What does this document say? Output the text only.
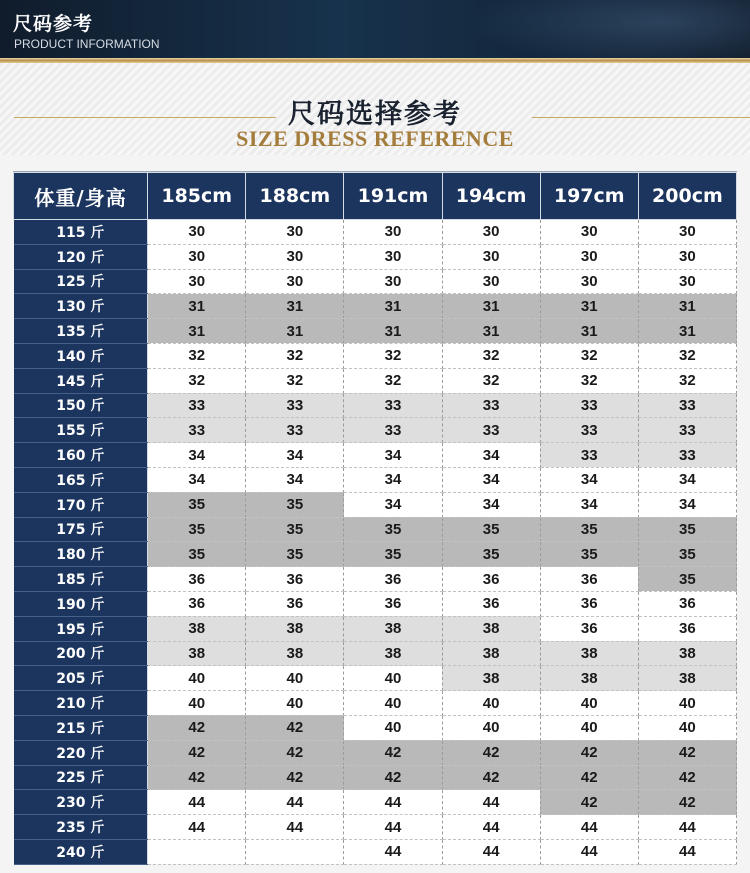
尺码参考
PRODUCT INFORMATION
尺码选择参考
SIZE DRESS REFERENCE
体重/身高	185cm	188cm	191cm	194cm	197cm	200cm
115 斤	30	30	30	30	30	30
120 斤	30	30	30	30	30	30
125 斤	30	30	30	30	30	30
130 斤	31	31	31	31	31	31
135 斤	31	31	31	31	31	31
140 斤	32	32	32	32	32	32
145 斤	32	32	32	32	32	32
150 斤	33	33	33	33	33	33
155 斤	33	33	33	33	33	33
160 斤	34	34	34	34	33	33
165 斤	34	34	34	34	34	34
170 斤	35	35	34	34	34	34
175 斤	35	35	35	35	35	35
180 斤	35	35	35	35	35	35
185 斤	36	36	36	36	36	35
190 斤	36	36	36	36	36	36
195 斤	38	38	38	38	36	36
200 斤	38	38	38	38	38	38
205 斤	40	40	40	38	38	38
210 斤	40	40	40	40	40	40
215 斤	42	42	40	40	40	40
220 斤	42	42	42	42	42	42
225 斤	42	42	42	42	42	42
230 斤	44	44	44	44	42	42
235 斤	44	44	44	44	44	44
240 斤			44	44	44	44
